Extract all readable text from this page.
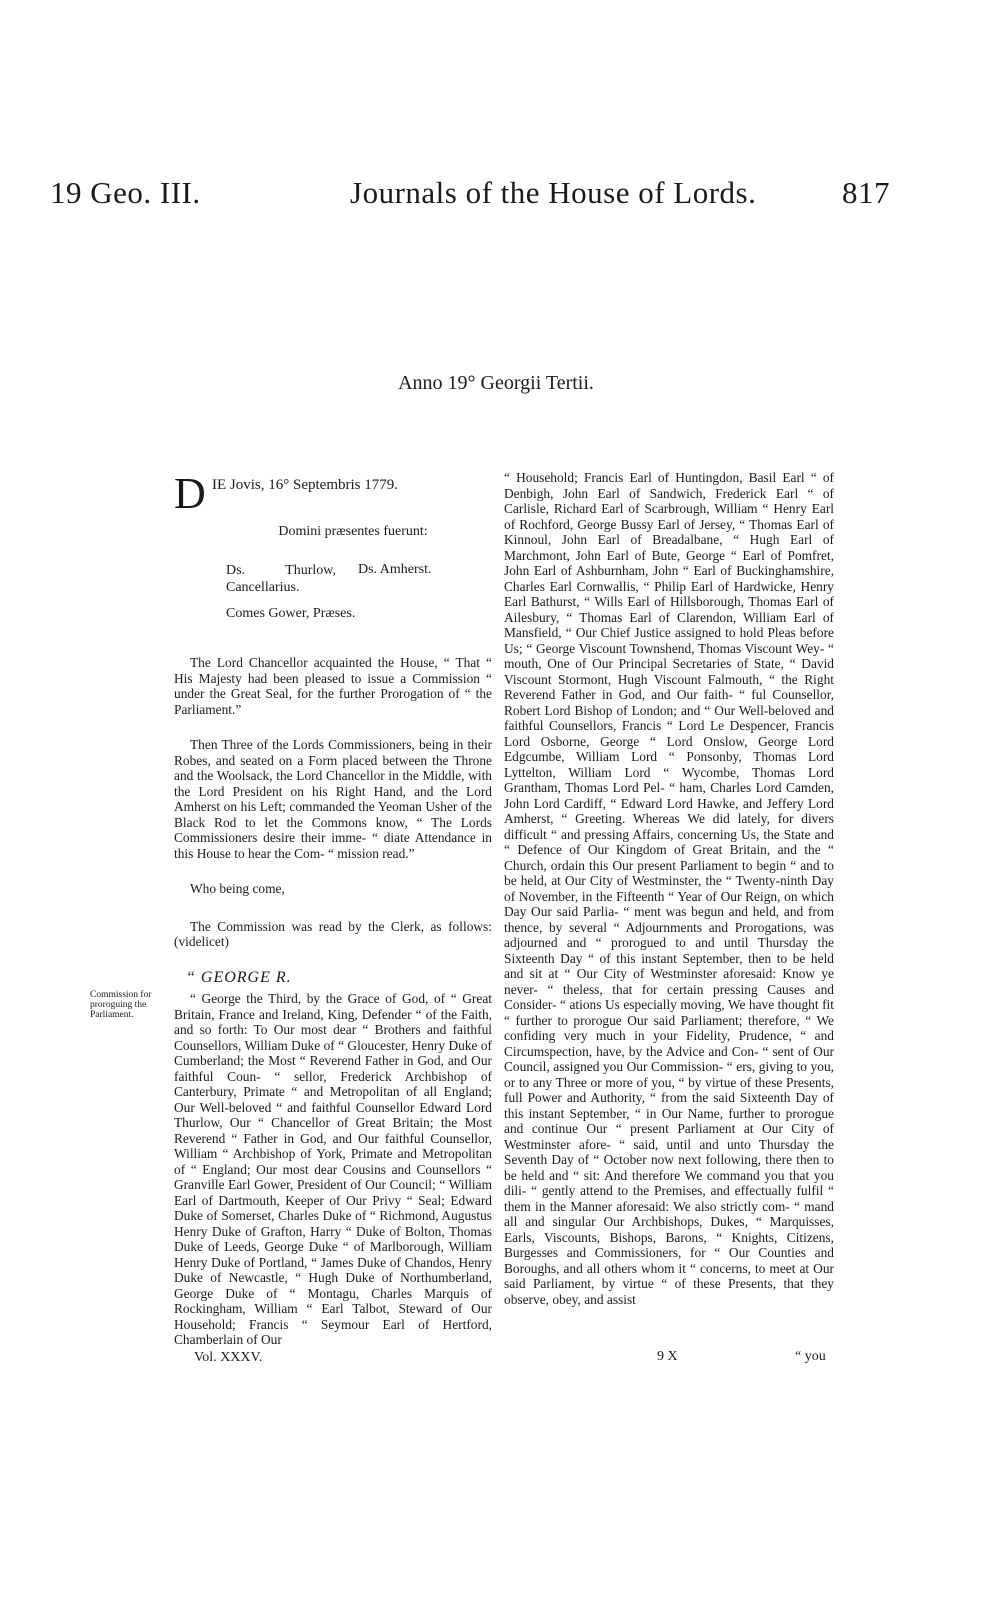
19 Geo. III.	Journals of the House of Lords.	817
Anno 19° Georgii Tertii.
Commission for proroguing the Parliament.
D IE Jovis, 16° Septembris 1779.
Domini præsentes fuerunt:
Ds. Thurlow, Cancellarius.
Ds. Amherst.
Comes Gower, Præses.

The Lord Chancellor acquainted the House, “ That “ His Majesty had been pleased to issue a Commission “ under the Great Seal, for the further Prorogation of “ the Parliament.”

Then Three of the Lords Commissioners, being in their Robes, and seated on a Form placed between the Throne and the Woolsack, the Lord Chancellor in the Middle, with the Lord President on his Right Hand, and the Lord Amherst on his Left; commanded the Yeoman Usher of the Black Rod to let the Commons know, “ The Lords Commissioners desire their imme- “ diate Attendance in this House to hear the Com- “ mission read.”

Who being come,

The Commission was read by the Clerk, as follows: (videlicet)

“ GEORGE R.

“ George the Third, by the Grace of God, of “ Great Britain, France and Ireland, King, Defender “ of the Faith, and so forth: To Our most dear “ Brothers and faithful Counsellors, William Duke of “ Gloucester, Henry Duke of Cumberland; the Most “ Reverend Father in God, and Our faithful Coun- “ sellor, Frederick Archbishop of Canterbury, Primate “ and Metropolitan of all England; Our Well-beloved “ and faithful Counsellor Edward Lord Thurlow, Our “ Chancellor of Great Britain; the Most Reverend “ Father in God, and Our faithful Counsellor, William “ Archbishop of York, Primate and Metropolitan of “ England; Our most dear Cousins and Counsellors “ Granville Earl Gower, President of Our Council; “ William Earl of Dartmouth, Keeper of Our Privy “ Seal; Edward Duke of Somerset, Charles Duke of “ Richmond, Augustus Henry Duke of Grafton, Harry “ Duke of Bolton, Thomas Duke of Leeds, George Duke “ of Marlborough, William Henry Duke of Portland, “ James Duke of Chandos, Henry Duke of Newcastle, “ Hugh Duke of Northumberland, George Duke of “ Montagu, Charles Marquis of Rockingham, William “ Earl Talbot, Steward of Our Household; Francis “ Seymour Earl of Hertford, Chamberlain of Our

Vol. XXXV.

“ Household; Francis Earl of Huntingdon, Basil Earl “ of Denbigh, John Earl of Sandwich, Frederick Earl “ of Carlisle, Richard Earl of Scarbrough, William “ Henry Earl of Rochford, George Bussy Earl of Jersey, “ Thomas Earl of Kinnoul, John Earl of Breadalbane, “ Hugh Earl of Marchmont, John Earl of Bute, George “ Earl of Pomfret, John Earl of Ashburnham, John “ Earl of Buckinghamshire, Charles Earl Cornwallis, “ Philip Earl of Hardwicke, Henry Earl Bathurst, “ Wills Earl of Hillsborough, Thomas Earl of Ailesbury, “ Thomas Earl of Clarendon, William Earl of Mansfield, “ Our Chief Justice assigned to hold Pleas before Us; “ George Viscount Townshend, Thomas Viscount Wey- “ mouth, One of Our Principal Secretaries of State, “ David Viscount Stormont, Hugh Viscount Falmouth, “ the Right Reverend Father in God, and Our faith- “ ful Counsellor, Robert Lord Bishop of London; and “ Our Well-beloved and faithful Counsellors, Francis “ Lord Le Despencer, Francis Lord Osborne, George “ Lord Onslow, George Lord Edgcumbe, William Lord “ Ponsonby, Thomas Lord Lyttelton, William Lord “ Wycombe, Thomas Lord Grantham, Thomas Lord Pel- “ ham, Charles Lord Camden, John Lord Cardiff, “ Edward Lord Hawke, and Jeffery Lord Amherst, “ Greeting. Whereas We did lately, for divers difficult “ and pressing Affairs, concerning Us, the State and “ Defence of Our Kingdom of Great Britain, and the “ Church, ordain this Our present Parliament to begin “ and to be held, at Our City of Westminster, the “ Twenty-ninth Day of November, in the Fifteenth “ Year of Our Reign, on which Day Our said Parlia- “ ment was begun and held, and from thence, by several “ Adjournments and Prorogations, was adjourned and “ prorogued to and until Thursday the Sixteenth Day “ of this instant September, then to be held and sit at “ Our City of Westminster aforesaid: Know ye never- “ theless, that for certain pressing Causes and Consider- “ ations Us especially moving, We have thought fit “ further to prorogue Our said Parliament; therefore, “ We confiding very much in your Fidelity, Prudence, “ and Circumspection, have, by the Advice and Con- “ sent of Our Council, assigned you Our Commission- “ ers, giving to you, or to any Three or more of you, “ by virtue of these Presents, full Power and Authority, “ from the said Sixteenth Day of this instant September, “ in Our Name, further to prorogue and continue Our “ present Parliament at Our City of Westminster afore- “ said, until and unto Thursday the Seventh Day of “ October now next following, there then to be held and “ sit: And therefore We command you that you dili- “ gently attend to the Premises, and effectually fulfil “ them in the Manner aforesaid: We also strictly com- “ mand all and singular Our Archbishops, Dukes, “ Marquisses, Earls, Viscounts, Bishops, Barons, “ Knights, Citizens, Burgesses and Commissioners, for “ Our Counties and Boroughs, and all others whom it “ concerns, to meet at Our said Parliament, by virtue “ of these Presents, that they observe, obey, and assist

9 X	“ you
